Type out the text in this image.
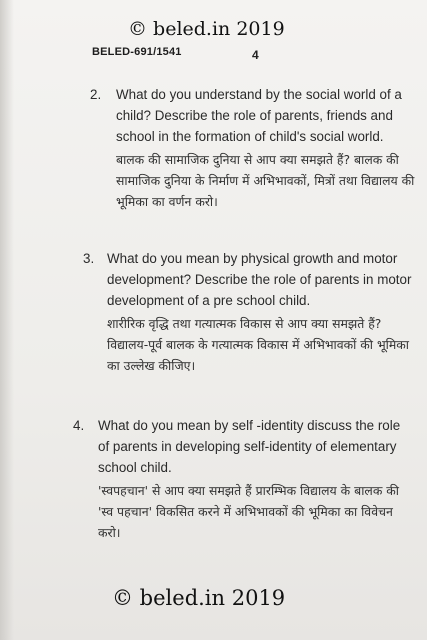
© beled.in 2019
BELED-691/1541	4
2. What do you understand by the social world of a child? Describe the role of parents, friends and school in the formation of child's social world.

बालक की सामाजिक दुनिया से आप क्या समझते हैं? बालक की सामाजिक दुनिया के निर्माण में अभिभावकों, मित्रों तथा विद्यालय की भूमिका का वर्णन करो।

3. What do you mean by physical growth and motor development? Describe the role of parents in motor development of a pre school child.

शारीरिक वृद्धि तथा गत्यात्मक विकास से आप क्या समझते हैं? विद्यालय-पूर्व बालक के गत्यात्मक विकास में अभिभावकों की भूमिका का उल्लेख कीजिए।

4. What do you mean by self -identity discuss the role of parents in developing self-identity of elementary school child.

'स्वपहचान' से आप क्या समझते हैं प्रारम्भिक विद्यालय के बालक की 'स्व पहचान' विकसित करने में अभिभावकों की भूमिका का विवेचन करो।

© beled.in 2019
